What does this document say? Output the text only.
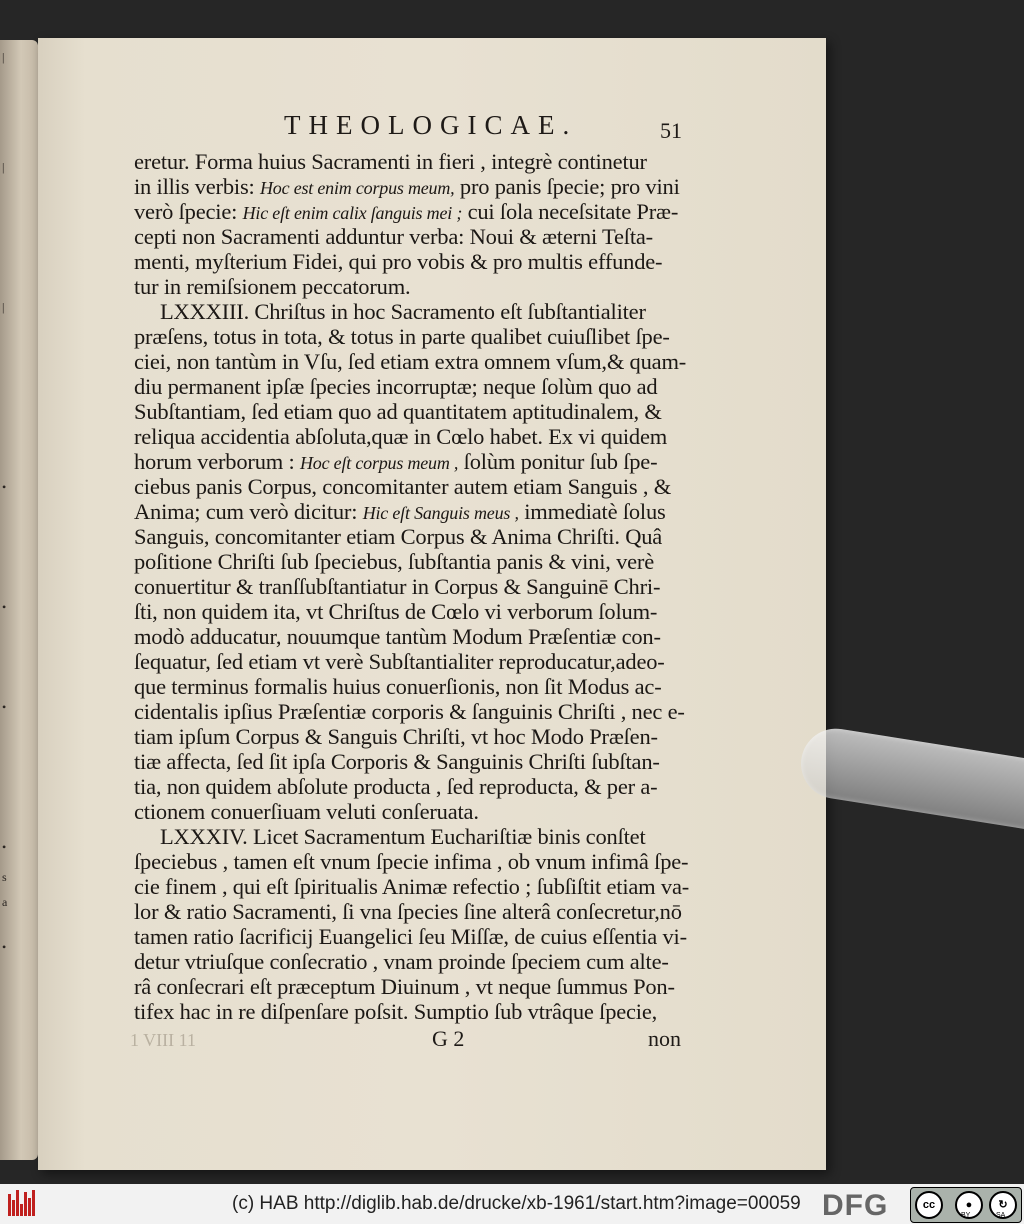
|
|
|
•
•
•
•
s
a
•
THEOLOGICAE.	51
eretur. Forma huius Sacramenti in fieri , integrè continetur
in illis verbis: Hoc est enim corpus meum, pro panis ſpecie; pro vini
verò ſpecie: Hic eſt enim calix ſanguis mei ; cui ſola neceſsitate Præ-
cepti non Sacramenti adduntur verba: Noui & æterni Teſta-
menti, myſterium Fidei, qui pro vobis & pro multis effunde-
tur in remiſsionem peccatorum.
LXXXIII. Chriſtus in hoc Sacramento eſt ſubſtantialiter
præſens, totus in tota, & totus in parte qualibet cuiuſlibet ſpe-
ciei, non tantùm in Vſu, ſed etiam extra omnem vſum,& quam-
diu permanent ipſæ ſpecies incorruptæ; neque ſolùm quo ad
Subſtantiam, ſed etiam quo ad quantitatem aptitudinalem, &
reliqua accidentia abſoluta,quæ in Cœlo habet. Ex vi quidem
horum verborum : Hoc eſt corpus meum , ſolùm ponitur ſub ſpe-
ciebus panis Corpus, concomitanter autem etiam Sanguis , &
Anima; cum verò dicitur: Hic eſt Sanguis meus , immediatè ſolus
Sanguis, concomitanter etiam Corpus & Anima Chriſti. Quâ
poſitione Chriſti ſub ſpeciebus, ſubſtantia panis & vini, verè
conuertitur & tranſſubſtantiatur in Corpus & Sanguinē Chri-
ſti, non quidem ita, vt Chriſtus de Cœlo vi verborum ſolum-
modò adducatur, nouumque tantùm Modum Præſentiæ con-
ſequatur, ſed etiam vt verè Subſtantialiter reproducatur,adeo-
que terminus formalis huius conuerſionis, non ſit Modus ac-
cidentalis ipſius Præſentiæ corporis & ſanguinis Chriſti , nec e-
tiam ipſum Corpus & Sanguis Chriſti, vt hoc Modo Præſen-
tiæ affecta, ſed ſit ipſa Corporis & Sanguinis Chriſti ſubſtan-
tia, non quidem abſolute producta , ſed reproducta, & per a-
ctionem conuerſiuam veluti conſeruata.
LXXXIV. Licet Sacramentum Euchariſtiæ binis conſtet
ſpeciebus , tamen eſt vnum ſpecie infima , ob vnum infimâ ſpe-
cie finem , qui eſt ſpiritualis Animæ refectio ; ſubſiſtit etiam va-
lor & ratio Sacramenti, ſi vna ſpecies ſine alterâ conſecretur,nō
tamen ratio ſacrificij Euangelici ſeu Miſſæ, de cuius eſſentia vi-
detur vtriuſque conſecratio , vnam proinde ſpeciem cum alte-
râ conſecrari eſt præceptum Diuinum , vt neque ſummus Pon-
tifex hac in re diſpenſare poſsit. Sumptio ſub vtrâque ſpecie,
1 VIII 11	G 2	non
(c) HAB http://diglib.hab.de/drucke/xb-1961/start.htm?image=00059 DFG	cc	●	↻
BY	SA
